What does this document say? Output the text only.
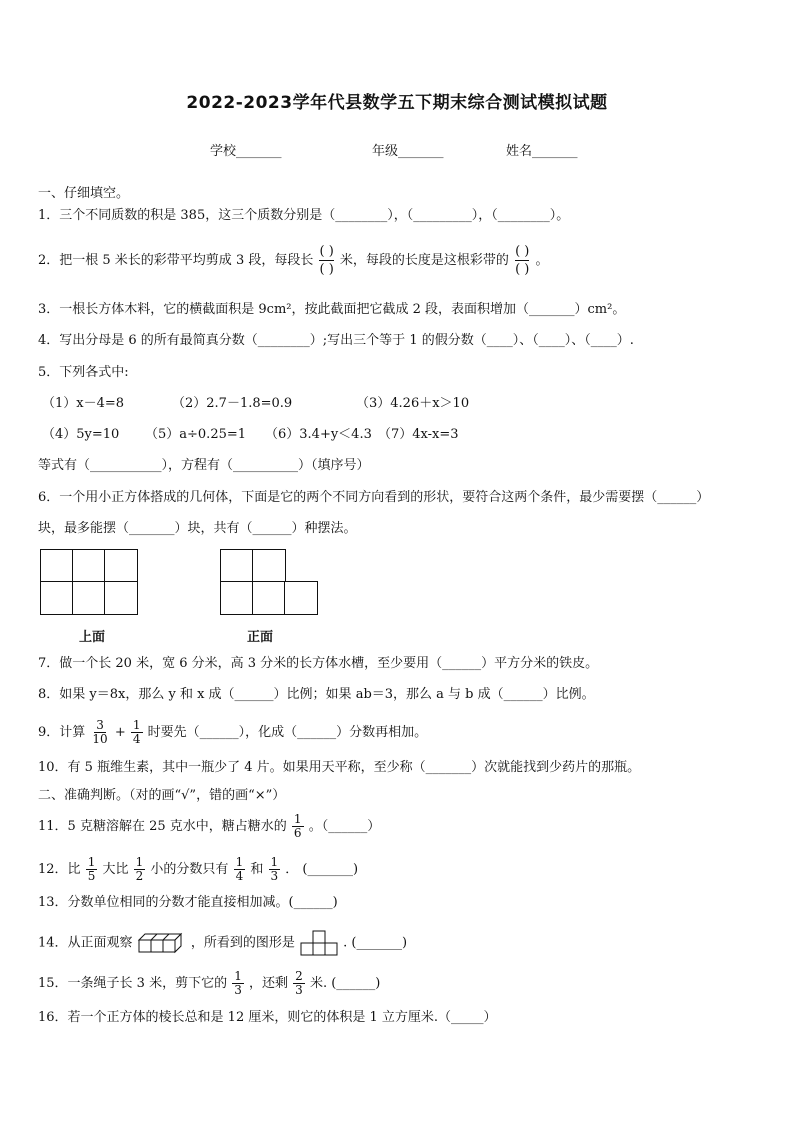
2022-2023学年代县数学五下期末综合测试模拟试题
学校_______	年级_______	姓名_______
一、仔细填空。
1．三个不同质数的积是 385，这三个质数分别是（________），（_________），（________）。
2．把一根 5 米长的彩带平均剪成 3 段，每段长
( )
( )
米，每段的长度是这根彩带的
( )
( )
。
3．一根长方体木料，它的横截面积是 9cm²，按此截面把它截成 2 段，表面积增加（_______）cm²。
4．写出分母是 6 的所有最简真分数（________）;写出三个等于 1 的假分数（____）、（____）、（____）.
5．下列各式中:
（1）x－4=8	（2）2.7－1.8=0.9	（3）4.26＋x＞10
（4）5y=10 （5）a÷0.25=1 （6）3.4+y＜4.3 （7）4x-x=3
等式有（___________），方程有（__________）（填序号）
6．一个用小正方体搭成的几何体，下面是它的两个不同方向看到的形状，要符合这两个条件，最少需要摆（______）
块，最多能摆（_______）块，共有（______）种摆法。
上面	正面
7．做一个长 20 米，宽 6 分米，高 3 分米的长方体水槽，至少要用（______）平方分米的铁皮。
8．如果 y＝8x，那么 y 和 x 成（______）比例；如果 ab＝3，那么 a 与 b 成（______）比例。
9．计算 $\frac{3}{10} + \frac{1}{4}$ 时要先（______），化成（______）分数再相加。
10．有 5 瓶维生素，其中一瓶少了 4 片。如果用天平称，至少称（_______）次就能找到少药片的那瓶。
二、准确判断。（对的画“√”，错的画“×”）
11．5 克糖溶解在 25 克水中，糖占糖水的 $\frac{1}{6}$ 。（______）
12．比 $\frac{1}{5}$ 大比 $\frac{1}{2}$ 小的分数只有 $\frac{1}{4}$ 和 $\frac{1}{3}$ ． (_______)
13．分数单位相同的分数才能直接相加减。(______)
14．从正面观察	，所看到的图形是	. (_______)
15．一条绳子长 3 米，剪下它的 $\frac{1}{3}$ ，还剩 $\frac{2}{3}$ 米. (______)
16．若一个正方体的棱长总和是 12 厘米，则它的体积是 1 立方厘米.（_____）
